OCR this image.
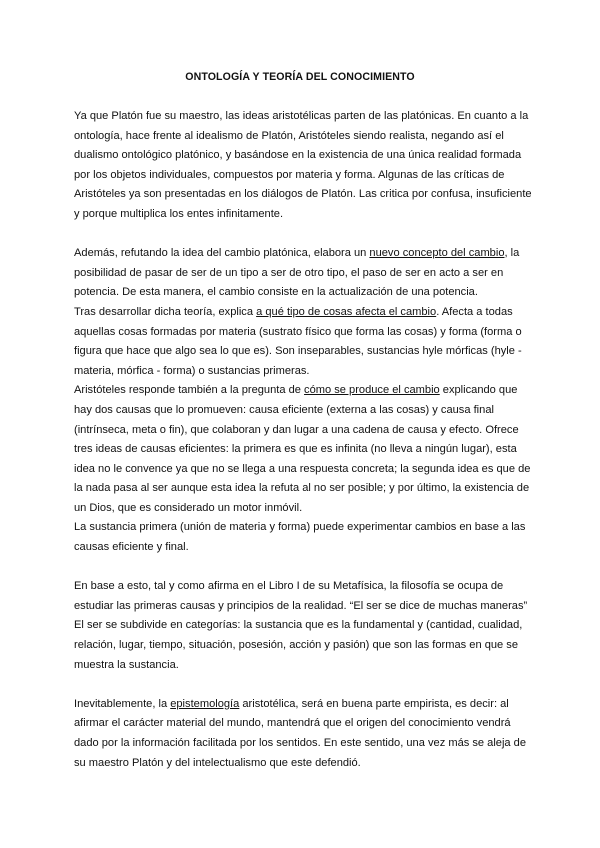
ONTOLOGÍA Y TEORÍA DEL CONOCIMIENTO

Ya que Platón fue su maestro, las ideas aristotélicas parten de las platónicas. En cuanto a la ontología, hace frente al idealismo de Platón, Aristóteles siendo realista, negando así el dualismo ontológico platónico, y basándose en la existencia de una única realidad formada por los objetos individuales, compuestos por materia y forma. Algunas de las críticas de Aristóteles ya son presentadas en los diálogos de Platón. Las critica por confusa, insuficiente y porque multiplica los entes infinitamente.

Además, refutando la idea del cambio platónica, elabora un nuevo concepto del cambio, la posibilidad de pasar de ser de un tipo a ser de otro tipo, el paso de ser en acto a ser en potencia. De esta manera, el cambio consiste en la actualización de una potencia.

Tras desarrollar dicha teoría, explica a qué tipo de cosas afecta el cambio. Afecta a todas aquellas cosas formadas por materia (sustrato físico que forma las cosas) y forma (forma o figura que hace que algo sea lo que es). Son inseparables, sustancias hyle mórficas (hyle - materia, mórfica - forma) o sustancias primeras.

Aristóteles responde también a la pregunta de cómo se produce el cambio explicando que hay dos causas que lo promueven: causa eficiente (externa a las cosas) y causa final (intrínseca, meta o fin), que colaboran y dan lugar a una cadena de causa y efecto. Ofrece tres ideas de causas eficientes: la primera es que es infinita (no lleva a ningún lugar), esta idea no le convence ya que no se llega a una respuesta concreta; la segunda idea es que de la nada pasa al ser aunque esta idea la refuta al no ser posible; y por último, la existencia de un Dios, que es considerado un motor inmóvil.

La sustancia primera (unión de materia y forma) puede experimentar cambios en base a las causas eficiente y final.

En base a esto, tal y como afirma en el Libro I de su Metafísica, la filosofía se ocupa de estudiar las primeras causas y principios de la realidad. “El ser se dice de muchas maneras” El ser se subdivide en categorías: la sustancia que es la fundamental y (cantidad, cualidad, relación, lugar, tiempo, situación, posesión, acción y pasión) que son las formas en que se muestra la sustancia.

Inevitablemente, la epistemología aristotélica, será en buena parte empirista, es decir: al afirmar el carácter material del mundo, mantendrá que el origen del conocimiento vendrá dado por la información facilitada por los sentidos. En este sentido, una vez más se aleja de su maestro Platón y del intelectualismo que este defendió.
